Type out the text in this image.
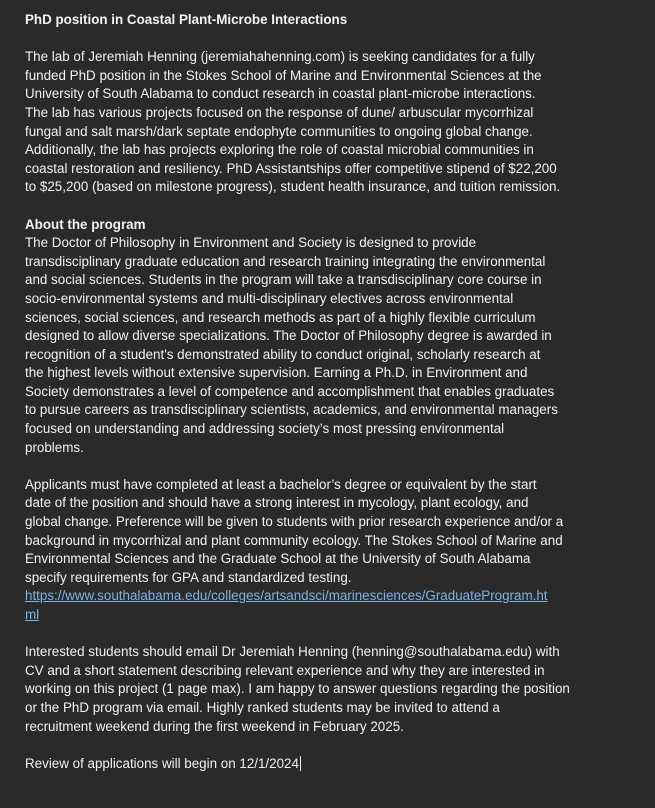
PhD position in Coastal Plant-Microbe Interactions
The lab of Jeremiah Henning (jeremiahahenning.com) is seeking candidates for a fully
funded PhD position in the Stokes School of Marine and Environmental Sciences at the
University of South Alabama to conduct research in coastal plant-microbe interactions.
The lab has various projects focused on the response of dune/ arbuscular mycorrhizal
fungal and salt marsh/dark septate endophyte communities to ongoing global change.
Additionally, the lab has projects exploring the role of coastal microbial communities in
coastal restoration and resiliency. PhD Assistantships offer competitive stipend of $22,200
to $25,200 (based on milestone progress), student health insurance, and tuition remission.
About the program
The Doctor of Philosophy in Environment and Society is designed to provide
transdisciplinary graduate education and research training integrating the environmental
and social sciences. Students in the program will take a transdisciplinary core course in
socio-environmental systems and multi-disciplinary electives across environmental
sciences, social sciences, and research methods as part of a highly flexible curriculum
designed to allow diverse specializations. The Doctor of Philosophy degree is awarded in
recognition of a student's demonstrated ability to conduct original, scholarly research at
the highest levels without extensive supervision. Earning a Ph.D. in Environment and
Society demonstrates a level of competence and accomplishment that enables graduates
to pursue careers as transdisciplinary scientists, academics, and environmental managers
focused on understanding and addressing society’s most pressing environmental
problems.
Applicants must have completed at least a bachelor’s degree or equivalent by the start
date of the position and should have a strong interest in mycology, plant ecology, and
global change. Preference will be given to students with prior research experience and/or a
background in mycorrhizal and plant community ecology. The Stokes School of Marine and
Environmental Sciences and the Graduate School at the University of South Alabama
specify requirements for GPA and standardized testing.
https://www.southalabama.edu/colleges/artsandsci/marinesciences/GraduateProgram.ht
ml
Interested students should email Dr Jeremiah Henning (henning@southalabama.edu) with
CV and a short statement describing relevant experience and why they are interested in
working on this project (1 page max). I am happy to answer questions regarding the position
or the PhD program via email. Highly ranked students may be invited to attend a
recruitment weekend during the first weekend in February 2025.
Review of applications will begin on 12/1/2024
